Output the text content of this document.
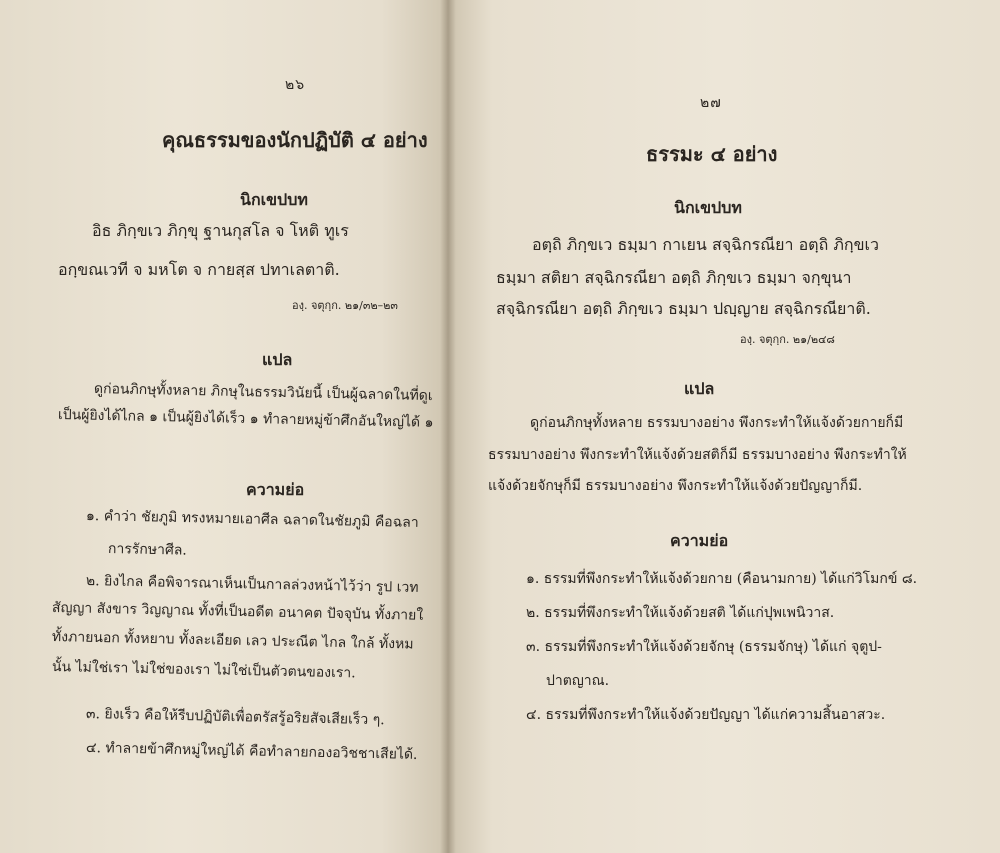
๒๖
คุณธรรมของนักปฏิบัติ ๔ อย่าง
นิกเขปบท
อิธ ภิกฺขเว ภิกฺขุ ฐานกุสโล จ โหติ ทูเร
อกฺขณเวที จ มหโต จ กายสฺส ปทาเลตาติ.
องฺ. จตุกฺก. ๒๑/๓๒–๒๓
แปล
ดูก่อนภิกษุทั้งหลาย ภิกษุในธรรมวินัยนี้ เป็นผู้ฉลาดในที่ดูเ
เป็นผู้ยิงได้ไกล ๑ เป็นผู้ยิงได้เร็ว ๑ ทำลายหมู่ข้าศึกอันใหญ่ได้ ๑
ความย่อ
๑. คำว่า ชัยภูมิ ทรงหมายเอาศีล ฉลาดในชัยภูมิ คือฉลา
การรักษาศีล.
๒. ยิงไกล คือพิจารณาเห็นเป็นกาลล่วงหน้าไว้ว่า รูป เวท
สัญญา สังขาร วิญญาณ ทั้งที่เป็นอดีต อนาคต ปัจจุบัน ทั้งภายใ
ทั้งภายนอก ทั้งหยาบ ทั้งละเอียด เลว ประณีต ไกล ใกล้ ทั้งหม
นั้น ไม่ใช่เรา ไม่ใช่ของเรา ไม่ใช่เป็นตัวตนของเรา.
๓. ยิงเร็ว คือให้รีบปฏิบัติเพื่อตรัสรู้อริยสัจเสียเร็ว ๆ.
๔. ทำลายข้าศึกหมู่ใหญ่ได้ คือทำลายกองอวิชชาเสียได้.
๒๗
ธรรมะ ๔ อย่าง
นิกเขปบท
อตฺถิ ภิกฺขเว ธมฺมา กาเยน สจฺฉิกรณียา อตฺถิ ภิกฺขเว
ธมฺมา สติยา สจฺฉิกรณียา อตฺถิ ภิกฺขเว ธมฺมา จกฺขุนา
สจฺฉิกรณียา อตฺถิ ภิกฺขเว ธมฺมา ปญฺญาย สจฺฉิกรณียาติ.
องฺ. จตุกฺก. ๒๑/๒๔๘
แปล
ดูก่อนภิกษุทั้งหลาย ธรรมบางอย่าง พึงกระทำให้แจ้งด้วยกายก็มี
ธรรมบางอย่าง พึงกระทำให้แจ้งด้วยสติก็มี ธรรมบางอย่าง พึงกระทำให้
แจ้งด้วยจักษุก็มี ธรรมบางอย่าง พึงกระทำให้แจ้งด้วยปัญญาก็มี.
ความย่อ
๑. ธรรมที่พึงกระทำให้แจ้งด้วยกาย (คือนามกาย) ได้แก่วิโมกข์ ๘.
๒. ธรรมที่พึงกระทำให้แจ้งด้วยสติ ได้แก่ปุพเพนิวาส.
๓. ธรรมที่พึงกระทำให้แจ้งด้วยจักษุ (ธรรมจักษุ) ได้แก่ จุตูป-
ปาตญาณ.
๔. ธรรมที่พึงกระทำให้แจ้งด้วยปัญญา ได้แก่ความสิ้นอาสวะ.
